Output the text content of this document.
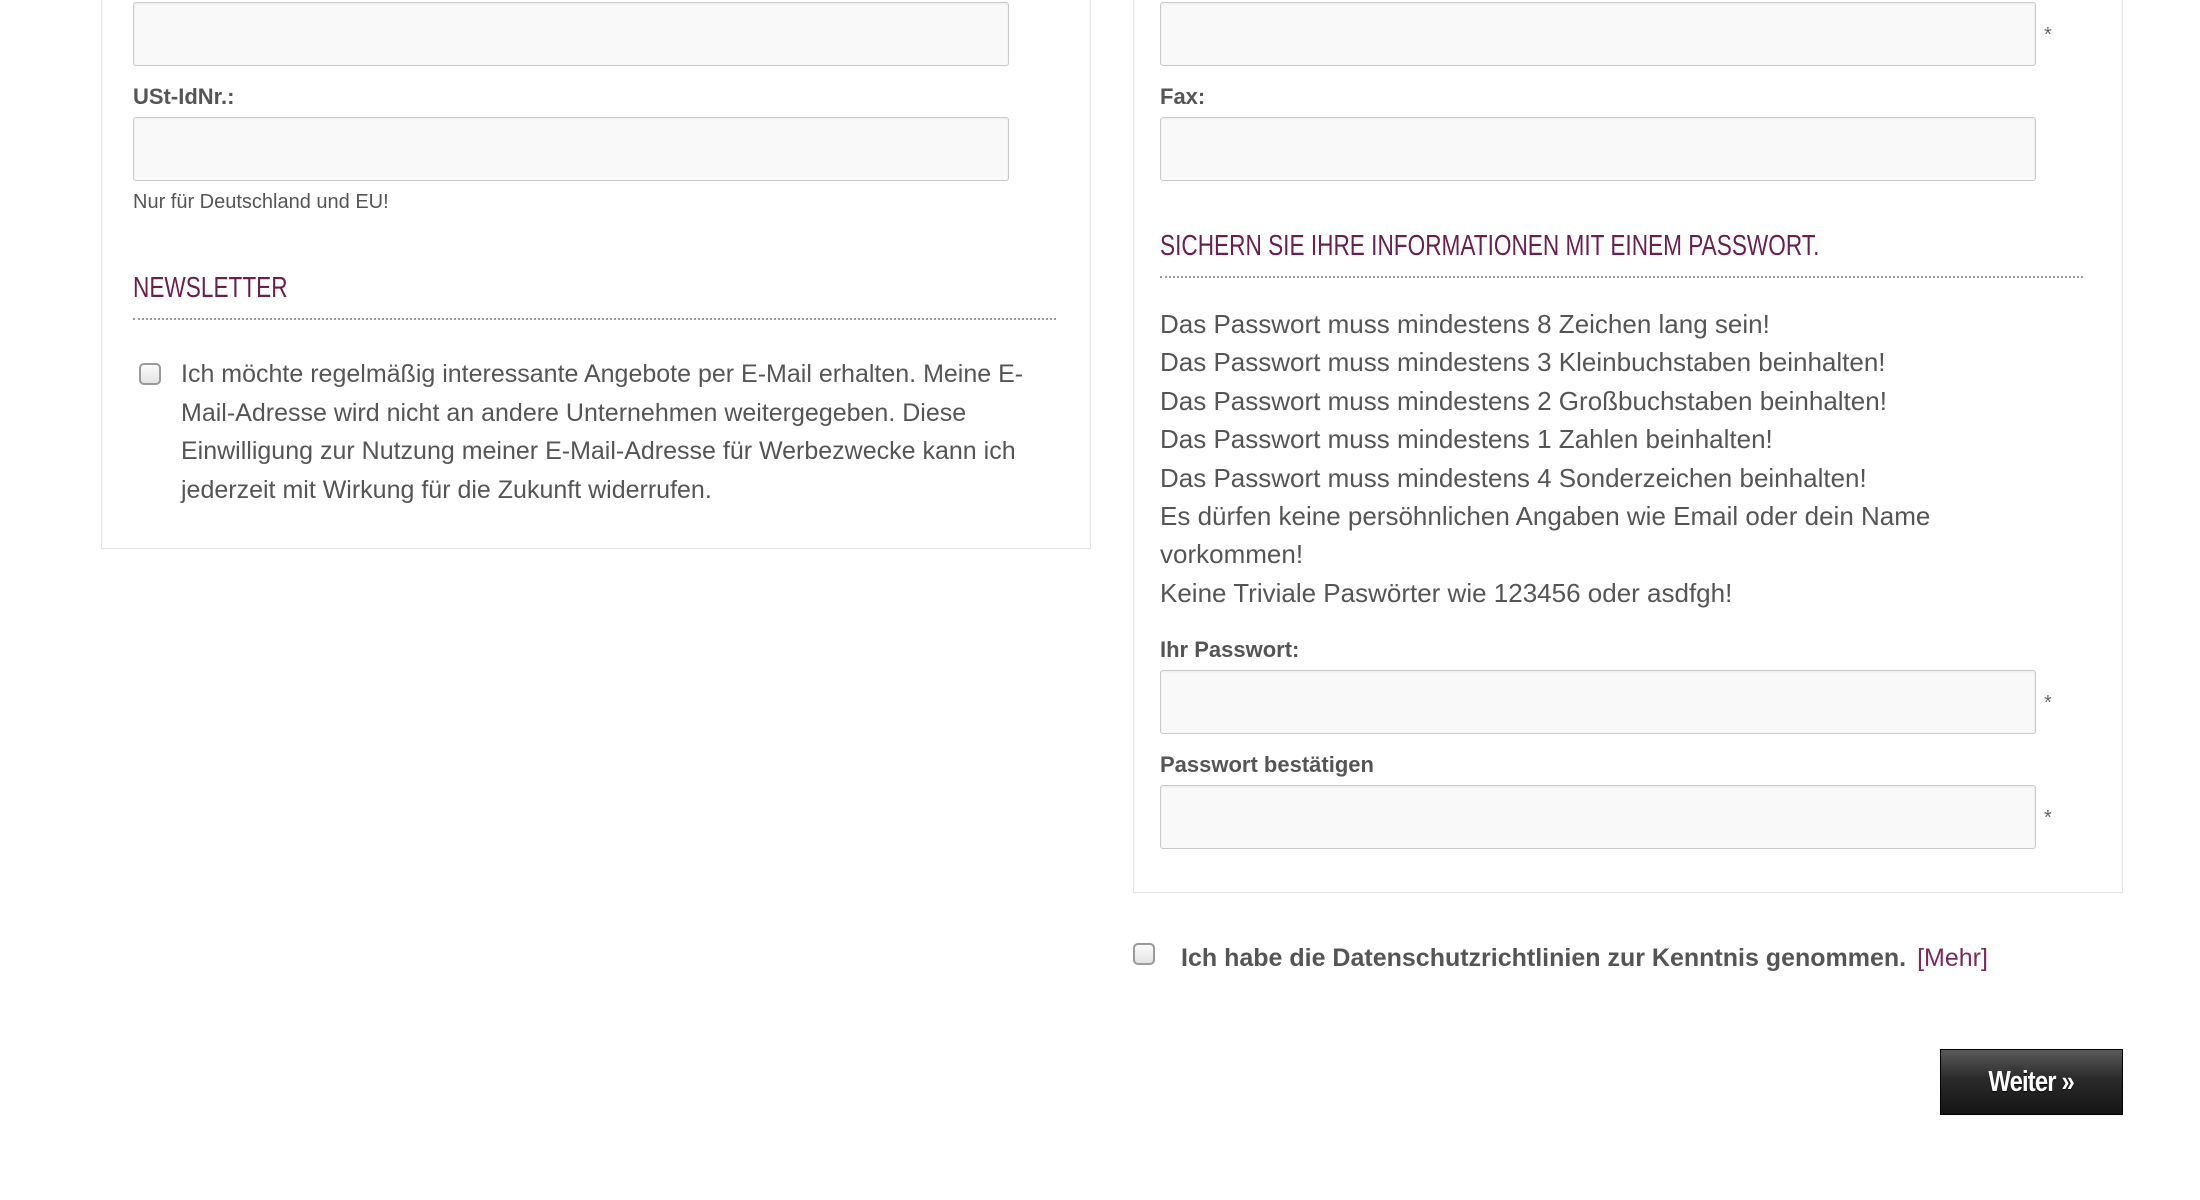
USt-IdNr.:
Nur für Deutschland und EU!
NEWSLETTER
Ich möchte regelmäßig interessante Angebote per E-Mail erhalten. Meine E-Mail-Adresse wird nicht an andere Unternehmen weitergegeben. Diese Einwilligung zur Nutzung meiner E-Mail-Adresse für Werbezwecke kann ich jederzeit mit Wirkung für die Zukunft widerrufen.
*
Fax:
SICHERN SIE IHRE INFORMATIONEN MIT EINEM PASSWORT.
Das Passwort muss mindestens 8 Zeichen lang sein!
Das Passwort muss mindestens 3 Kleinbuchstaben beinhalten!
Das Passwort muss mindestens 2 Großbuchstaben beinhalten!
Das Passwort muss mindestens 1 Zahlen beinhalten!
Das Passwort muss mindestens 4 Sonderzeichen beinhalten!
Es dürfen keine persöhnlichen Angaben wie Email oder dein Name vorkommen!
Keine Triviale Paswörter wie 123456 oder asdfgh!
Ihr Passwort:
*
Passwort bestätigen
*
Ich habe die Datenschutzrichtlinien zur Kenntnis genommen. [Mehr]
Weiter »
